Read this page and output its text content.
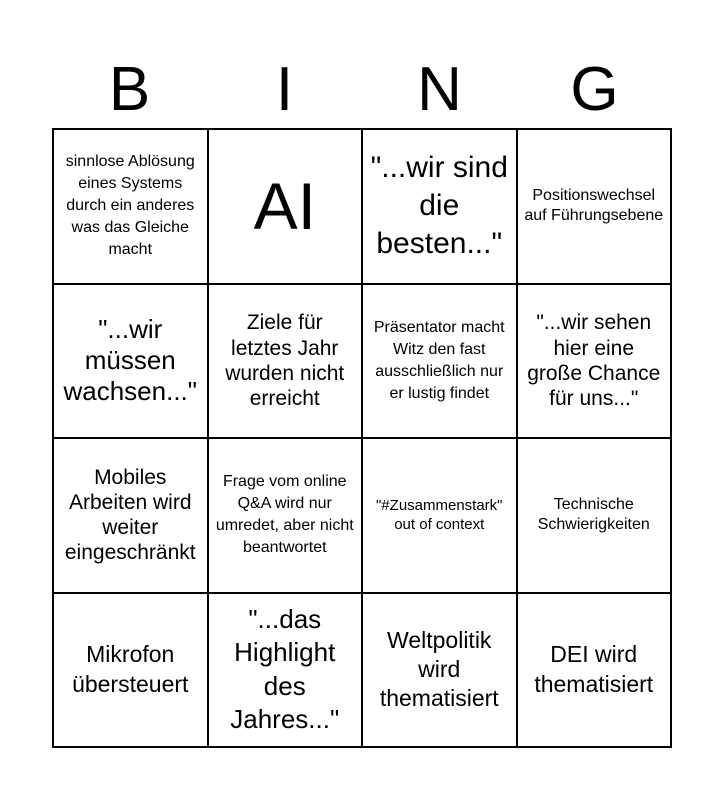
B	I	N	G
sinnlose Ablösung eines Systems durch ein anderes was das Gleiche macht
AI
"...wir sind die besten..."
Positionswechsel auf Führungsebene
"...wir müssen wachsen..."
Ziele für letztes Jahr wurden nicht erreicht
Präsentator macht Witz den fast ausschließlich nur er lustig findet
"...wir sehen hier eine große Chance für uns..."
Mobiles Arbeiten wird weiter eingeschränkt
Frage vom online Q&A wird nur umredet, aber nicht beantwortet
"#Zusammenstark" out of context
Technische Schwierigkeiten
Mikrofon übersteuert
"...das Highlight des Jahres..."
Weltpolitik wird thematisiert
DEI wird thematisiert
